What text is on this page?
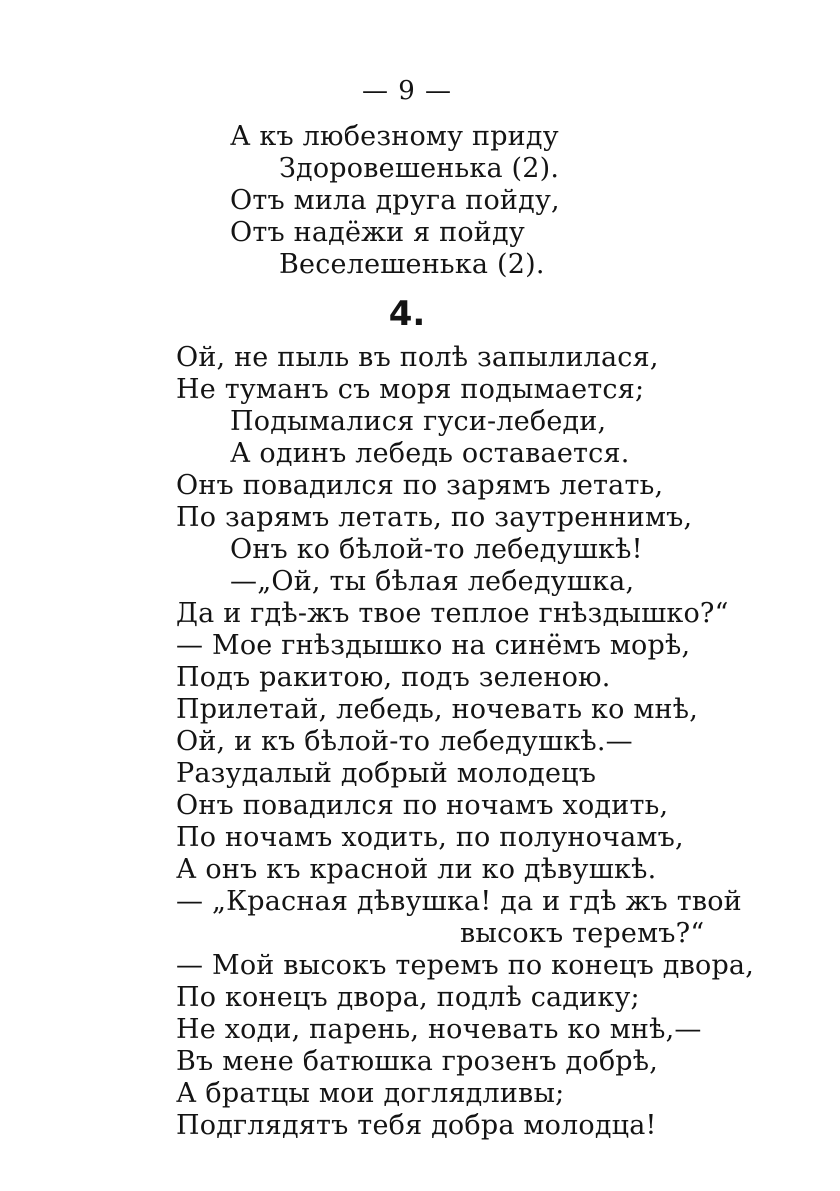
— 9 —
А къ любезному приду
Здоровешенька (2).
Отъ мила друга пойду,
Отъ надёжи я пойду
Веселешенька (2).
4.
Ой, не пыль въ полѣ запылилася,
Не туманъ съ моря подымается;
Подымалися гуси-лебеди,
А одинъ лебедь оставается.
Онъ повадился по зарямъ летать,
По зарямъ летать, по заутреннимъ,
Онъ ко бѣлой-то лебедушкѣ!
—„Ой, ты бѣлая лебедушка,
Да и гдѣ-жъ твое теплое гнѣздышко?“
— Мое гнѣздышко на синёмъ морѣ,
Подъ ракитою, подъ зеленою.
Прилетай, лебедь, ночевать ко мнѣ,
Ой, и къ бѣлой-то лебедушкѣ.—
Разудалый добрый молодецъ
Онъ повадился по ночамъ ходить,
По ночамъ ходить, по полуночамъ,
А онъ къ красной ли ко дѣвушкѣ.
— „Красная дѣвушка! да и гдѣ жъ твой
высокъ теремъ?“
— Мой высокъ теремъ по конецъ двора,
По конецъ двора, подлѣ садику;
Не ходи, парень, ночевать ко мнѣ,—
Въ мене батюшка грозенъ добрѣ,
А братцы мои доглядливы;
Подглядятъ тебя добра молодца!
